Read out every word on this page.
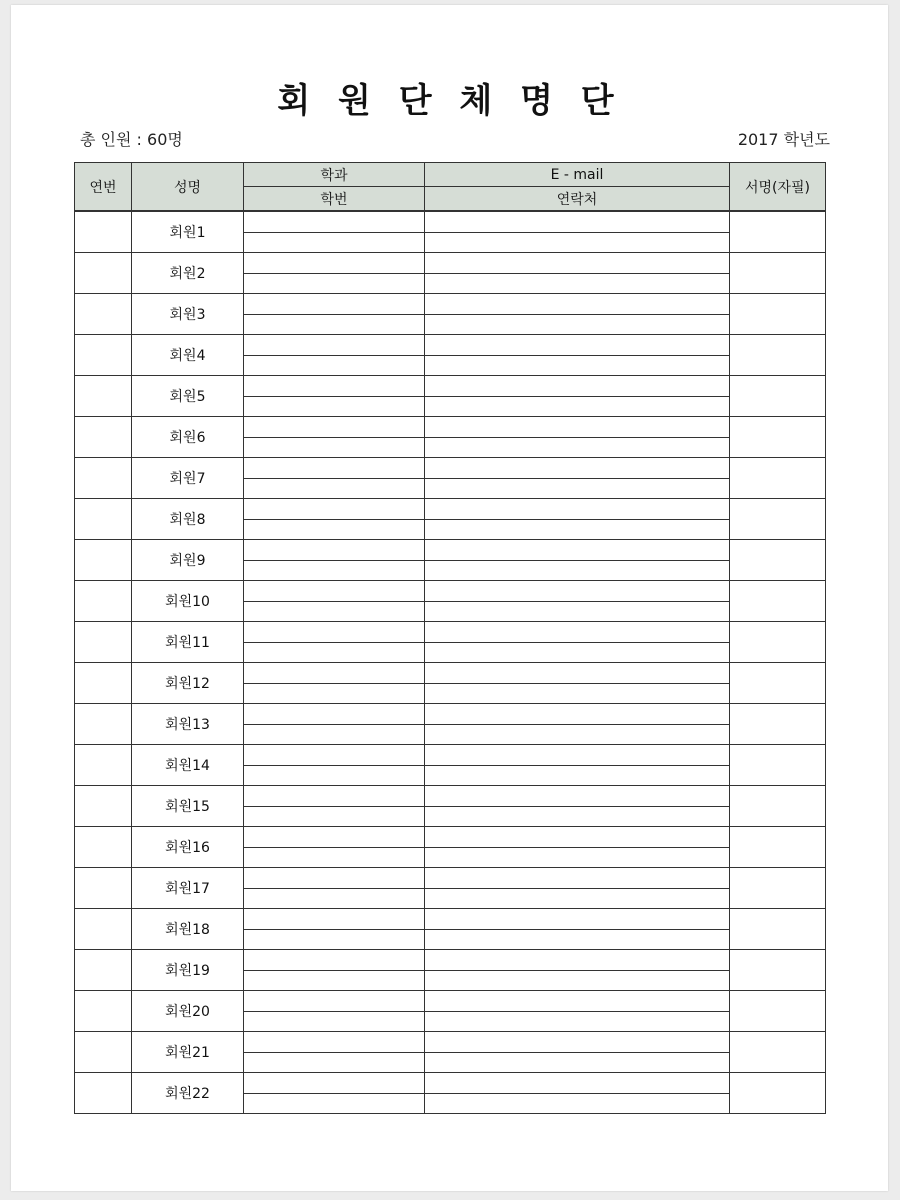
회 원 단 체 명 단
총 인원 : 60명	2017 학년도
연번	성명	학과	E - mail	서명(자필)
		학번	연락처	
	회원1			

	회원2			

	회원3			

	회원4			

	회원5			

	회원6			

	회원7			

	회원8			

	회원9			

	회원10			

	회원11			

	회원12			

	회원13			

	회원14			

	회원15			

	회원16			

	회원17			

	회원18			

	회원19			

	회원20			

	회원21			

	회원22			
